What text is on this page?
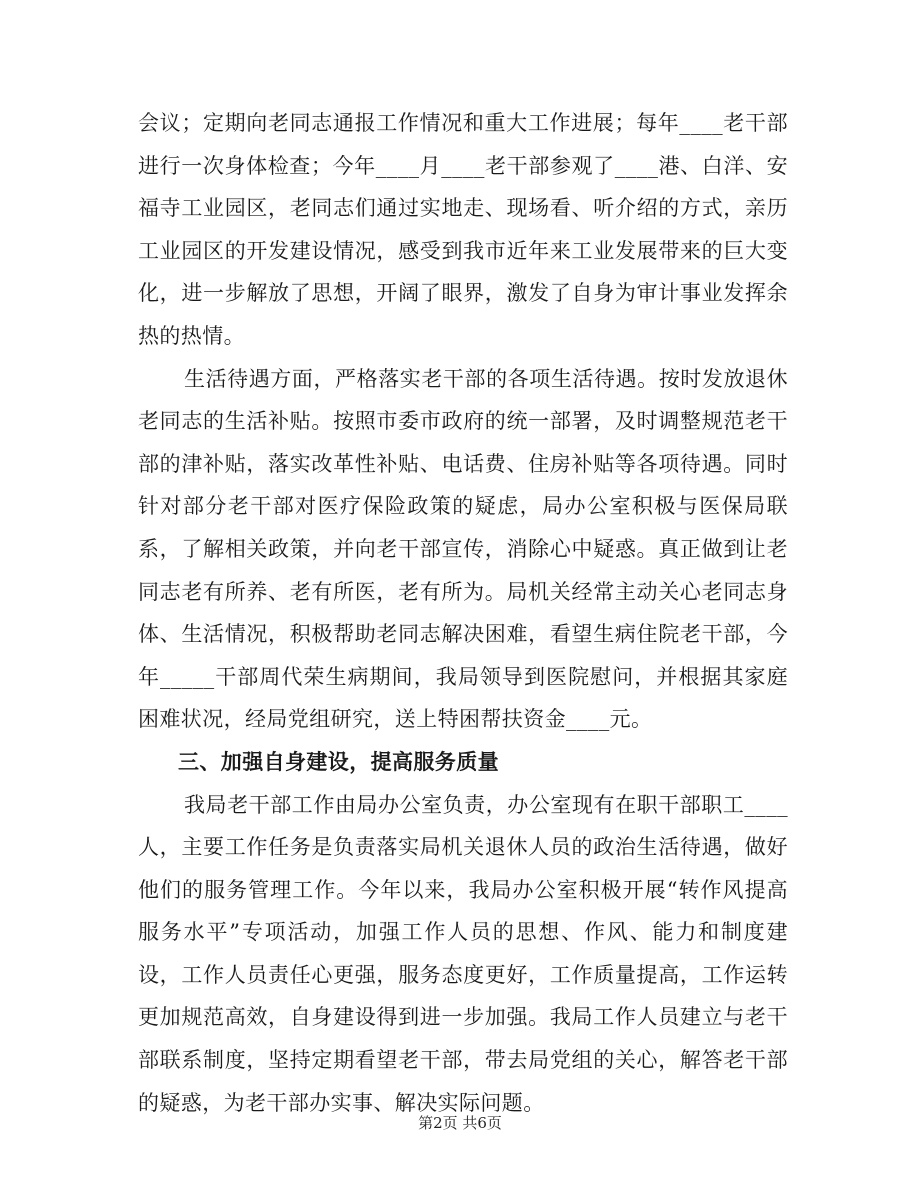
会议；定期向老同志通报工作情况和重大工作进展；每年____老干部进行一次身体检查；今年____月____老干部参观了____港、白洋、安福寺工业园区，老同志们通过实地走、现场看、听介绍的方式，亲历工业园区的开发建设情况，感受到我市近年来工业发展带来的巨大变化，进一步解放了思想，开阔了眼界，激发了自身为审计事业发挥余热的热情。

生活待遇方面，严格落实老干部的各项生活待遇。按时发放退休老同志的生活补贴。按照市委市政府的统一部署，及时调整规范老干部的津补贴，落实改革性补贴、电话费、住房补贴等各项待遇。同时针对部分老干部对医疗保险政策的疑虑，局办公室积极与医保局联系，了解相关政策，并向老干部宣传，消除心中疑惑。真正做到让老同志老有所养、老有所医，老有所为。局机关经常主动关心老同志身体、生活情况，积极帮助老同志解决困难，看望生病住院老干部，今年_____干部周代荣生病期间，我局领导到医院慰问，并根据其家庭困难状况，经局党组研究，送上特困帮扶资金____元。

三、加强自身建设，提高服务质量

我局老干部工作由局办公室负责，办公室现有在职干部职工____人，主要工作任务是负责落实局机关退休人员的政治生活待遇，做好他们的服务管理工作。今年以来，我局办公室积极开展“转作风提高服务水平”专项活动，加强工作人员的思想、作风、能力和制度建设，工作人员责任心更强，服务态度更好，工作质量提高，工作运转更加规范高效，自身建设得到进一步加强。我局工作人员建立与老干部联系制度，坚持定期看望老干部，带去局党组的关心，解答老干部的疑惑，为老干部办实事、解决实际问题。

第2页 共6页
